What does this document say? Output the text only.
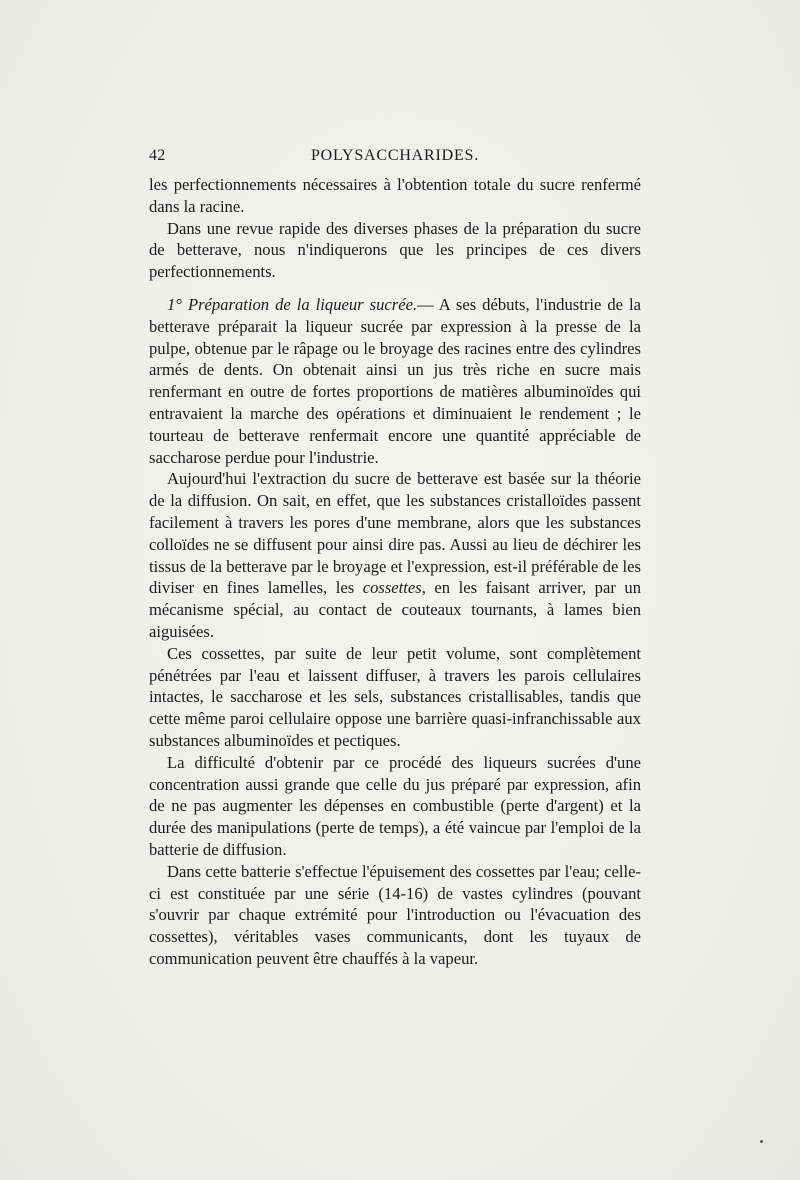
42	POLYSACCHARIDES.

les perfectionnements nécessaires à l'obtention totale du sucre renfermé dans la racine.

Dans une revue rapide des diverses phases de la préparation du sucre de betterave, nous n'indiquerons que les principes de ces divers perfectionnements.

1° Préparation de la liqueur sucrée.— A ses débuts, l'industrie de la betterave préparait la liqueur sucrée par expression à la presse de la pulpe, obtenue par le râpage ou le broyage des racines entre des cylindres armés de dents. On obtenait ainsi un jus très riche en sucre mais renfermant en outre de fortes proportions de matières albuminoïdes qui entravaient la marche des opérations et diminuaient le rendement ; le tourteau de betterave renfermait encore une quantité appréciable de saccharose perdue pour l'industrie.

Aujourd'hui l'extraction du sucre de betterave est basée sur la théorie de la diffusion. On sait, en effet, que les substances cristalloïdes passent facilement à travers les pores d'une membrane, alors que les substances colloïdes ne se diffusent pour ainsi dire pas. Aussi au lieu de déchirer les tissus de la betterave par le broyage et l'expression, est-il préférable de les diviser en fines lamelles, les cossettes, en les faisant arriver, par un mécanisme spécial, au contact de couteaux tournants, à lames bien aiguisées.

Ces cossettes, par suite de leur petit volume, sont complètement pénétrées par l'eau et laissent diffuser, à travers les parois cellulaires intactes, le saccharose et les sels, substances cristallisables, tandis que cette même paroi cellulaire oppose une barrière quasi-infranchissable aux substances albuminoïdes et pectiques.

La difficulté d'obtenir par ce procédé des liqueurs sucrées d'une concentration aussi grande que celle du jus préparé par expression, afin de ne pas augmenter les dépenses en combustible (perte d'argent) et la durée des manipulations (perte de temps), a été vaincue par l'emploi de la batterie de diffusion.

Dans cette batterie s'effectue l'épuisement des cossettes par l'eau; celle-ci est constituée par une série (14-16) de vastes cylindres (pouvant s'ouvrir par chaque extrémité pour l'introduction ou l'évacuation des cossettes), véritables vases communicants, dont les tuyaux de communication peuvent être chauffés à la vapeur.
